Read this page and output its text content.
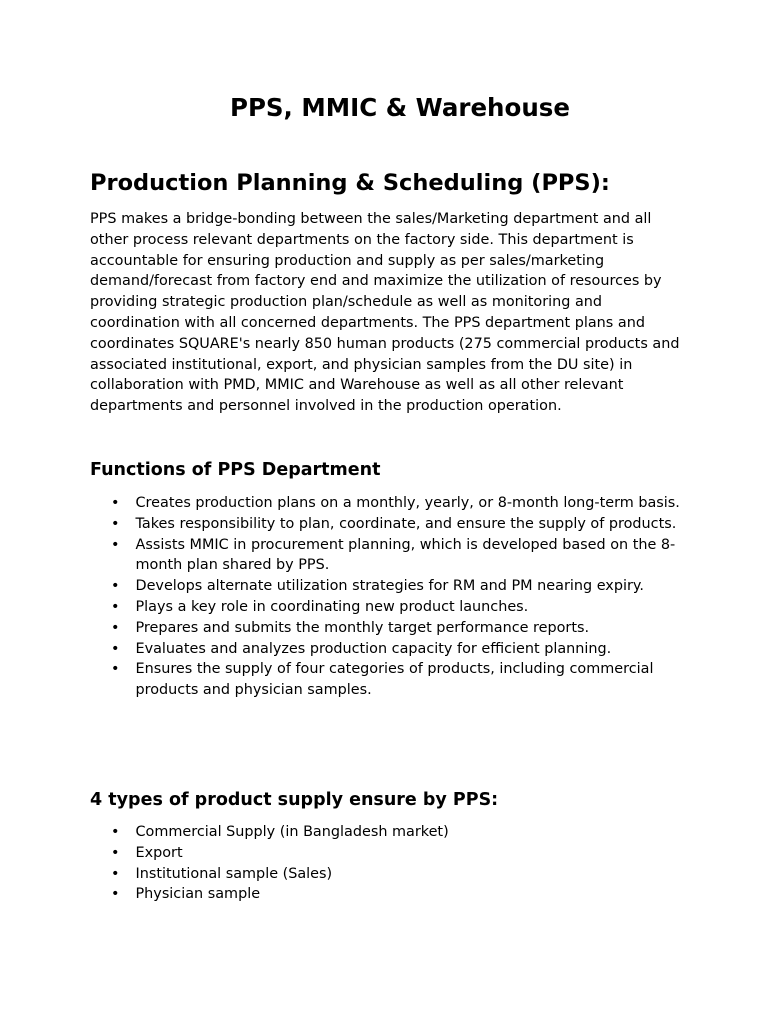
PPS, MMIC & Warehouse
Production Planning & Scheduling (PPS):

PPS makes a bridge-bonding between the sales/Marketing department and all other process relevant departments on the factory side. This department is accountable for ensuring production and supply as per sales/marketing demand/forecast from factory end and maximize the utilization of resources by providing strategic production plan/schedule as well as monitoring and coordination with all concerned departments. The PPS department plans and coordinates SQUARE's nearly 850 human products (275 commercial products and associated institutional, export, and physician samples from the DU site) in collaboration with PMD, MMIC and Warehouse as well as all other relevant departments and personnel involved in the production operation.

Functions of PPS Department
• Creates production plans on a monthly, yearly, or 8-month long-term basis.
• Takes responsibility to plan, coordinate, and ensure the supply of products.
• Assists MMIC in procurement planning, which is developed based on the 8-month plan shared by PPS.
• Develops alternate utilization strategies for RM and PM nearing expiry.
• Plays a key role in coordinating new product launches.
• Prepares and submits the monthly target performance reports.
• Evaluates and analyzes production capacity for efficient planning.
• Ensures the supply of four categories of products, including commercial products and physician samples.
4 types of product supply ensure by PPS:
• Commercial Supply (in Bangladesh market)
• Export
• Institutional sample (Sales)
• Physician sample
